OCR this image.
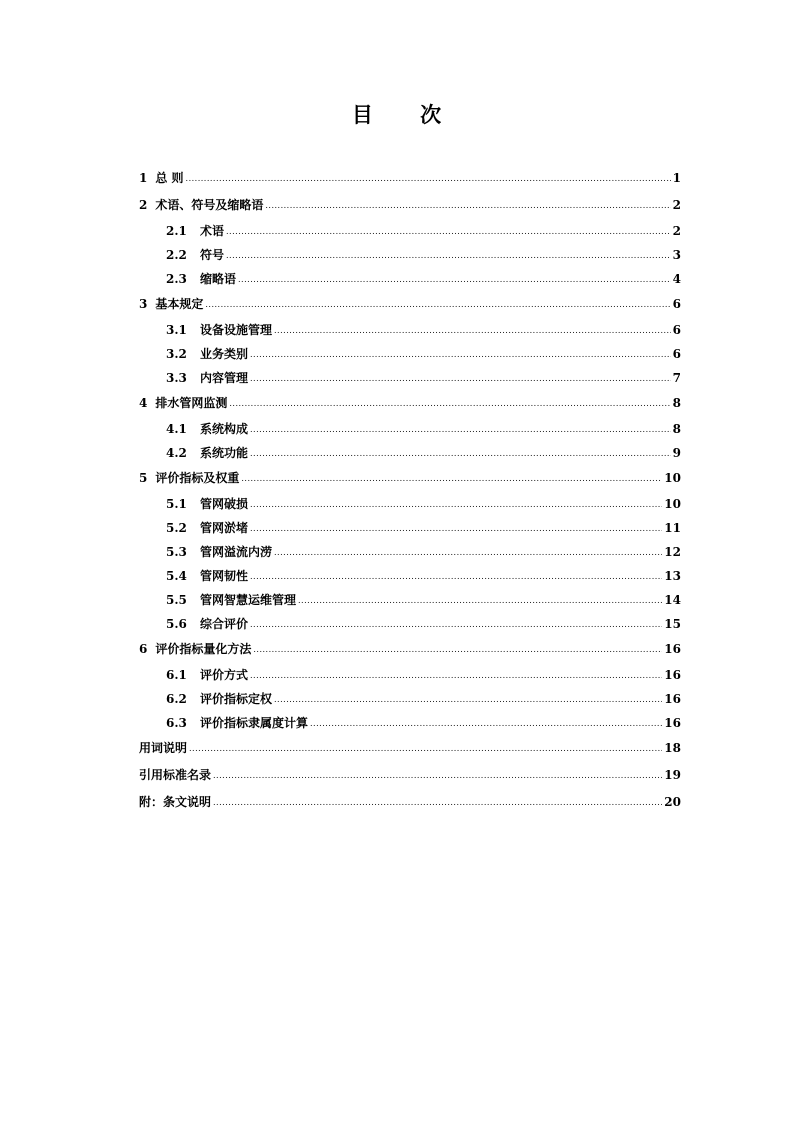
目 次
1 总 则 .....	1
2 术语、符号及缩略语 .....	2
2.1	术语 .....	2
2.2	符号 .....	3
2.3	缩略语 .....	4
3 基本规定 .....	6
3.1	设备设施管理 .....	6
3.2	业务类别 .....	6
3.3	内容管理 .....	7
4 排水管网监测 .....	8
4.1	系统构成 .....	8
4.2	系统功能 .....	9
5 评价指标及权重 .....	10
5.1	管网破损 .....	10
5.2	管网淤堵 .....	11
5.3	管网溢流内涝 .....	12
5.4	管网韧性 .....	13
5.5	管网智慧运维管理 .....	14
5.6	综合评价 .....	15
6 评价指标量化方法 .....	16
6.1	评价方式 .....	16
6.2	评价指标定权 .....	16
6.3	评价指标隶属度计算 .....	16
用词说明 .....	18
引用标准名录 .....	19
附：条文说明 .....	20
